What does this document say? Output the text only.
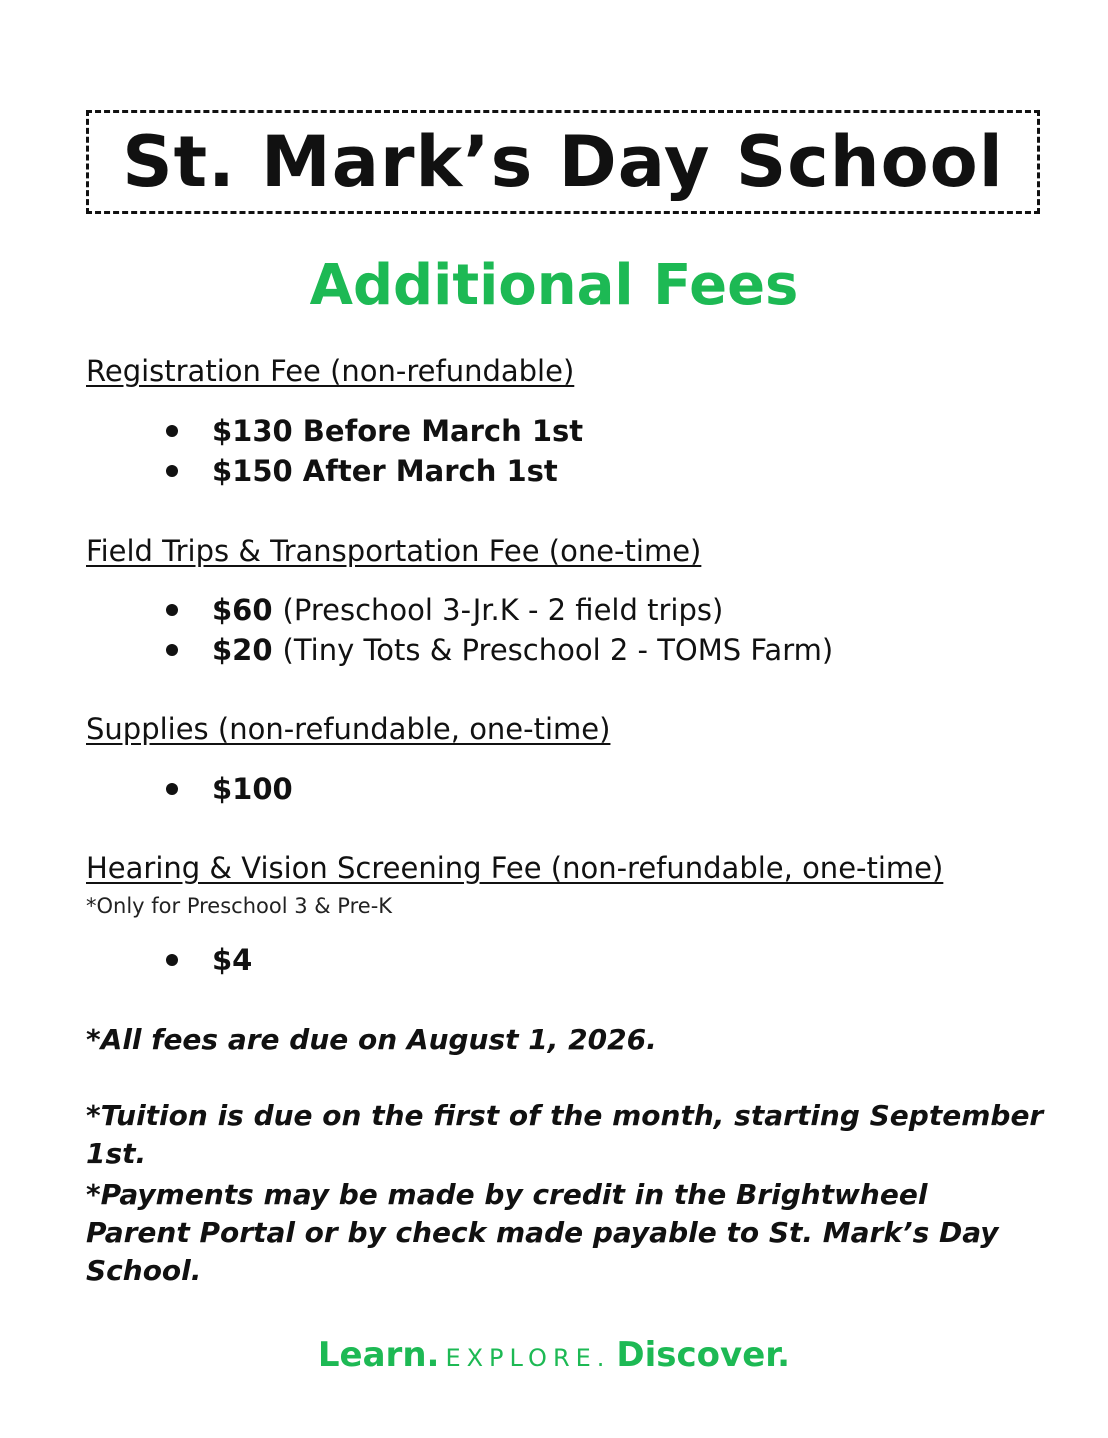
St. Mark’s Day School
Additional Fees
Registration Fee (non-refundable)
$130 Before March 1st
$150 After March 1st
Field Trips & Transportation Fee (one-time)
$60 (Preschool 3-Jr.K - 2 field trips)
$20 (Tiny Tots & Preschool 2 - TOMS Farm)
Supplies (non-refundable, one-time)
$100
Hearing & Vision Screening Fee (non-refundable, one-time)
*Only for Preschool 3 & Pre-K
$4
*All fees are due on August 1, 2026.
*Tuition is due on the first of the month, starting September 1st.
*Payments may be made by credit in the Brightwheel Parent Portal or by check made payable to St. Mark’s Day School.
Learn. EXPLORE. Discover.
